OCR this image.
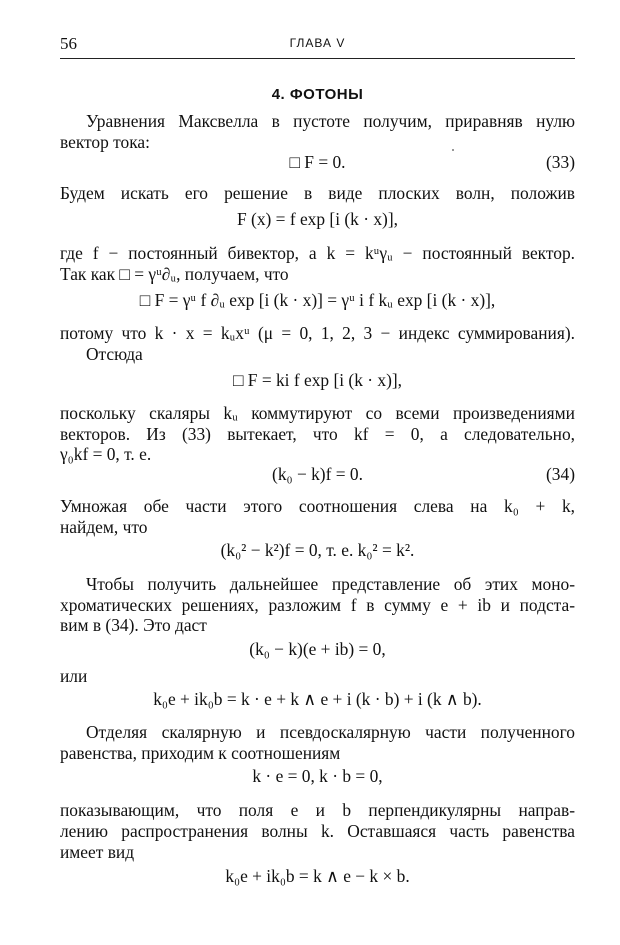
56	ГЛАВА V
4. ФОТОНЫ
Уравнения Максвелла в пустоте получим, приравняв нулю
вектор тока:
□ F = 0.	(33)
Будем искать его решение в виде плоских волн, положив
F (x) = f exp [i (k · x)],
где f − постоянный бивектор, а k = kᵘγᵤ − постоянный вектор.
Так как □ = γᵘ∂ᵤ, получаем, что
□ F = γᵘ f ∂ᵤ exp [i (k · x)] = γᵘ i f kᵤ exp [i (k · x)],
потому что k · x = kᵤxᵘ (μ = 0, 1, 2, 3 − индекс суммирования).
Отсюда
□ F = ki f exp [i (k · x)],
поскольку скаляры kᵤ коммутируют со всеми произведениями
векторов. Из (33) вытекает, что kf = 0, а следовательно,
γ₀kf = 0, т. е.
(k₀ − k)f = 0.	(34)
Умножая обе части этого соотношения слева на k₀ + k,
найдем, что
(k₀² − k²)f = 0, т. е. k₀² = k².
Чтобы получить дальнейшее представление об этих моно-
хроматических решениях, разложим f в сумму e + ib и подста-
вим в (34). Это даст
(k₀ − k)(e + ib) = 0,
или
k₀e + ik₀b = k · e + k ∧ e + i (k · b) + i (k ∧ b).
Отделяя скалярную и псевдоскалярную части полученного
равенства, приходим к соотношениям
k · e = 0, k · b = 0,
показывающим, что поля e и b перпендикулярны направ-
лению распространения волны k. Оставшаяся часть равенства
имеет вид
k₀e + ik₀b = k ∧ e − k × b.
